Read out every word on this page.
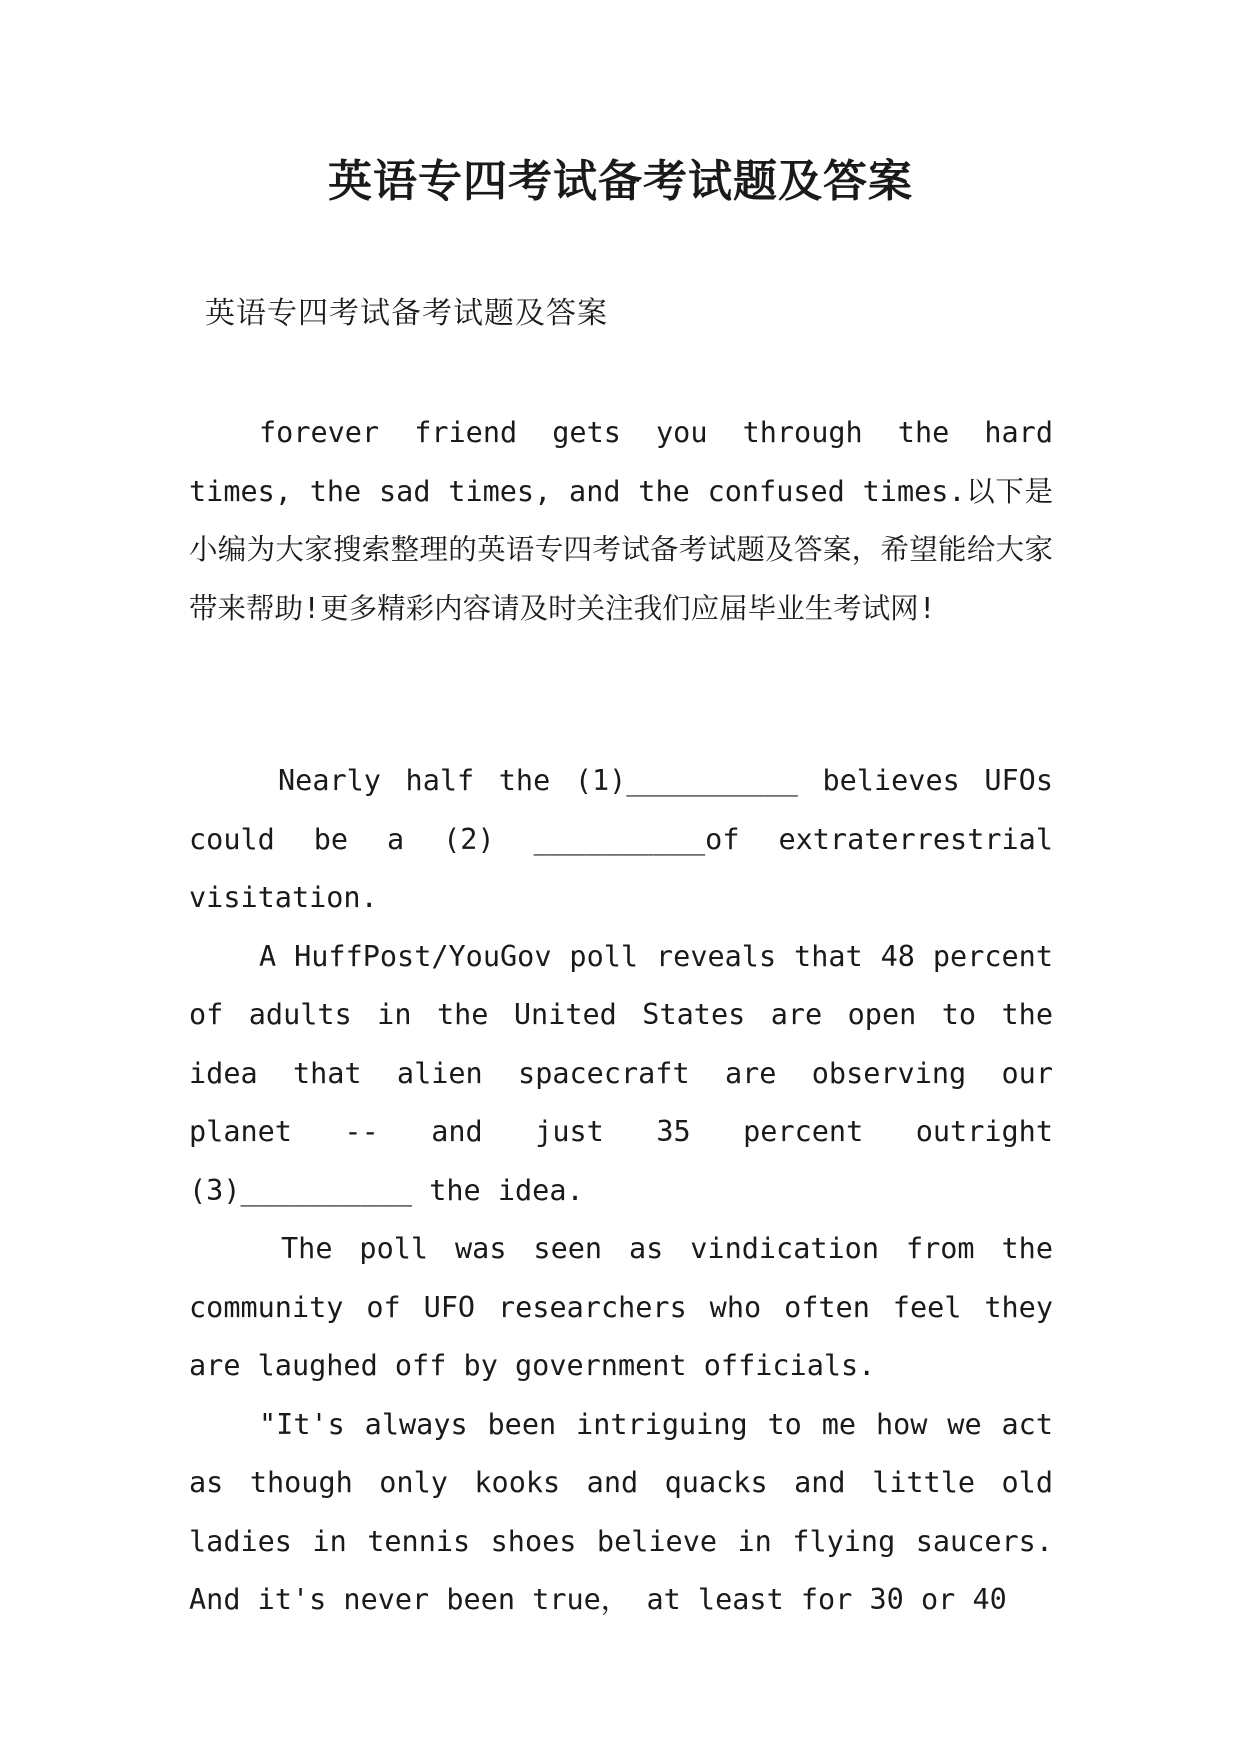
英语专四考试备考试题及答案

英语专四考试备考试题及答案

forever friend gets you through the hard times, the sad times, and the confused times.以下是小编为大家搜索整理的英语专四考试备考试题及答案，希望能给大家带来帮助!更多精彩内容请及时关注我们应届毕业生考试网!

Nearly half the (1)__________ believes UFOs could be a (2) __________of extraterrestrial visitation.

A HuffPost/YouGov poll reveals that 48 percent of adults in the United States are open to the idea that alien spacecraft are observing our planet -- and just 35 percent outright (3)__________ the idea.

The poll was seen as vindication from the community of UFO researchers who often feel they are laughed off by government officials.

"It's always been intriguing to me how we act as though only kooks and quacks and little old ladies in tennis shoes believe in flying saucers. And it's never been true， at least for 30 or 40
